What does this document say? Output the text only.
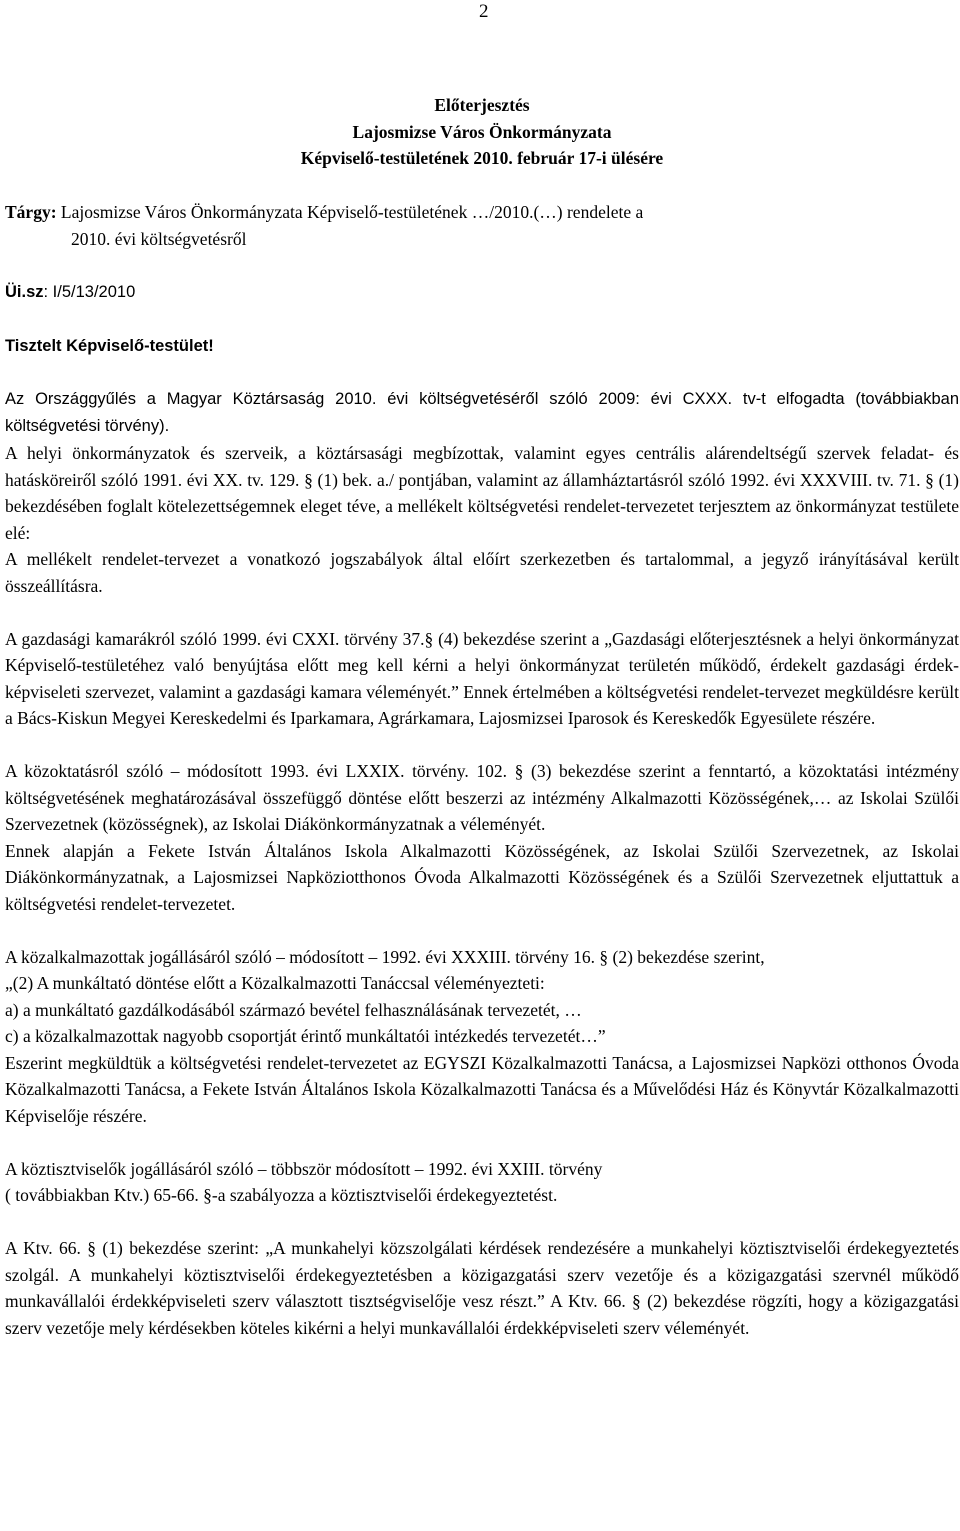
2
Előterjesztés
Lajosmizse Város Önkormányzata
Képviselő-testületének 2010. február 17-i ülésére
Tárgy: Lajosmizse Város Önkormányzata Képviselő-testületének …/2010.(…) rendelete a
2010. évi költségvetésről
Üi.sz: I/5/13/2010
Tisztelt Képviselő-testület!
Az Országgyűlés a Magyar Köztársaság 2010. évi költségvetéséről szóló 2009: évi CXXX. tv-t elfogadta (továbbiakban költségvetési törvény).

A helyi önkormányzatok és szerveik, a köztársasági megbízottak, valamint egyes centrális alárendeltségű szervek feladat- és hatásköreiről szóló 1991. évi XX. tv. 129. § (1) bek. a./ pontjában, valamint az államháztartásról szóló 1992. évi XXXVIII. tv. 71. § (1) bekezdésében foglalt kötelezettségemnek eleget téve, a mellékelt költségvetési rendelet-tervezetet terjesztem az önkormányzat testülete elé:

A mellékelt rendelet-tervezet a vonatkozó jogszabályok által előírt szerkezetben és tartalommal, a jegyző irányításával került összeállításra.

A gazdasági kamarákról szóló 1999. évi CXXI. törvény 37.§ (4) bekezdése szerint a „Gazdasági előterjesztésnek a helyi önkormányzat Képviselő-testületéhez való benyújtása előtt meg kell kérni a helyi önkormányzat területén működő, érdekelt gazdasági érdek-képviseleti szervezet, valamint a gazdasági kamara véleményét.” Ennek értelmében a költségvetési rendelet-tervezet megküldésre került a Bács-Kiskun Megyei Kereskedelmi és Iparkamara, Agrárkamara, Lajosmizsei Iparosok és Kereskedők Egyesülete részére.

A közoktatásról szóló – módosított 1993. évi LXXIX. törvény. 102. § (3) bekezdése szerint a fenntartó, a közoktatási intézmény költségvetésének meghatározásával összefüggő döntése előtt beszerzi az intézmény Alkalmazotti Közösségének,… az Iskolai Szülői Szervezetnek (közösségnek), az Iskolai Diákönkormányzatnak a véleményét.

Ennek alapján a Fekete István Általános Iskola Alkalmazotti Közösségének, az Iskolai Szülői Szervezetnek, az Iskolai Diákönkormányzatnak, a Lajosmizsei Napköziotthonos Óvoda Alkalmazotti Közösségének és a Szülői Szervezetnek eljuttattuk a költségvetési rendelet-tervezetet.

A közalkalmazottak jogállásáról szóló – módosított – 1992. évi XXXIII. törvény 16. § (2) bekezdése szerint,

„(2) A munkáltató döntése előtt a Közalkalmazotti Tanáccsal véleményezteti:

a) a munkáltató gazdálkodásából származó bevétel felhasználásának tervezetét, …

c) a közalkalmazottak nagyobb csoportját érintő munkáltatói intézkedés tervezetét…”

Eszerint megküldtük a költségvetési rendelet-tervezetet az EGYSZI Közalkalmazotti Tanácsa, a Lajosmizsei Napközi otthonos Óvoda Közalkalmazotti Tanácsa, a Fekete István Általános Iskola Közalkalmazotti Tanácsa és a Művelődési Ház és Könyvtár Közalkalmazotti Képviselője részére.

A köztisztviselők jogállásáról szóló – többször módosított – 1992. évi XXIII. törvény

( továbbiakban Ktv.) 65-66. §-a szabályozza a köztisztviselői érdekegyeztetést.

A Ktv. 66. § (1) bekezdése szerint: „A munkahelyi közszolgálati kérdések rendezésére a munkahelyi köztisztviselői érdekegyeztetés szolgál. A munkahelyi köztisztviselői érdekegyeztetésben a közigazgatási szerv vezetője és a közigazgatási szervnél működő munkavállalói érdekképviseleti szerv választott tisztségviselője vesz részt.” A Ktv. 66. § (2) bekezdése rögzíti, hogy a közigazgatási szerv vezetője mely kérdésekben köteles kikérni a helyi munkavállalói érdekképviseleti szerv véleményét.
